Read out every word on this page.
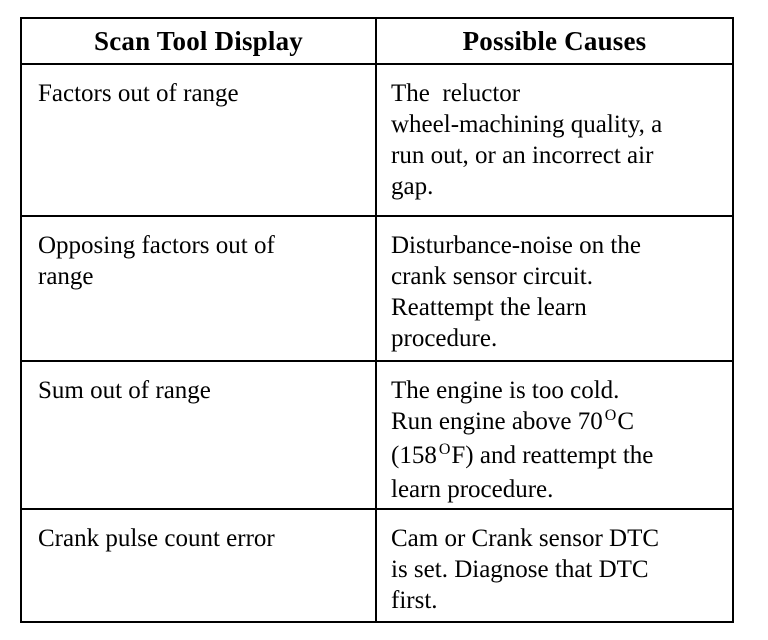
Scan Tool Display	Possible Causes

Factors out of range	The  reluctor
wheel-machining quality, a
run out, or an incorrect air
gap.

Opposing factors out of
range	Disturbance-noise on the
crank sensor circuit.
Reattempt the learn
procedure.

Sum out of range	The engine is too cold.
Run engine above 70 $^O$C
(158 $^O$F) and reattempt the
learn procedure.

Crank pulse count error	Cam or Crank sensor DTC
is set. Diagnose that DTC
first.
